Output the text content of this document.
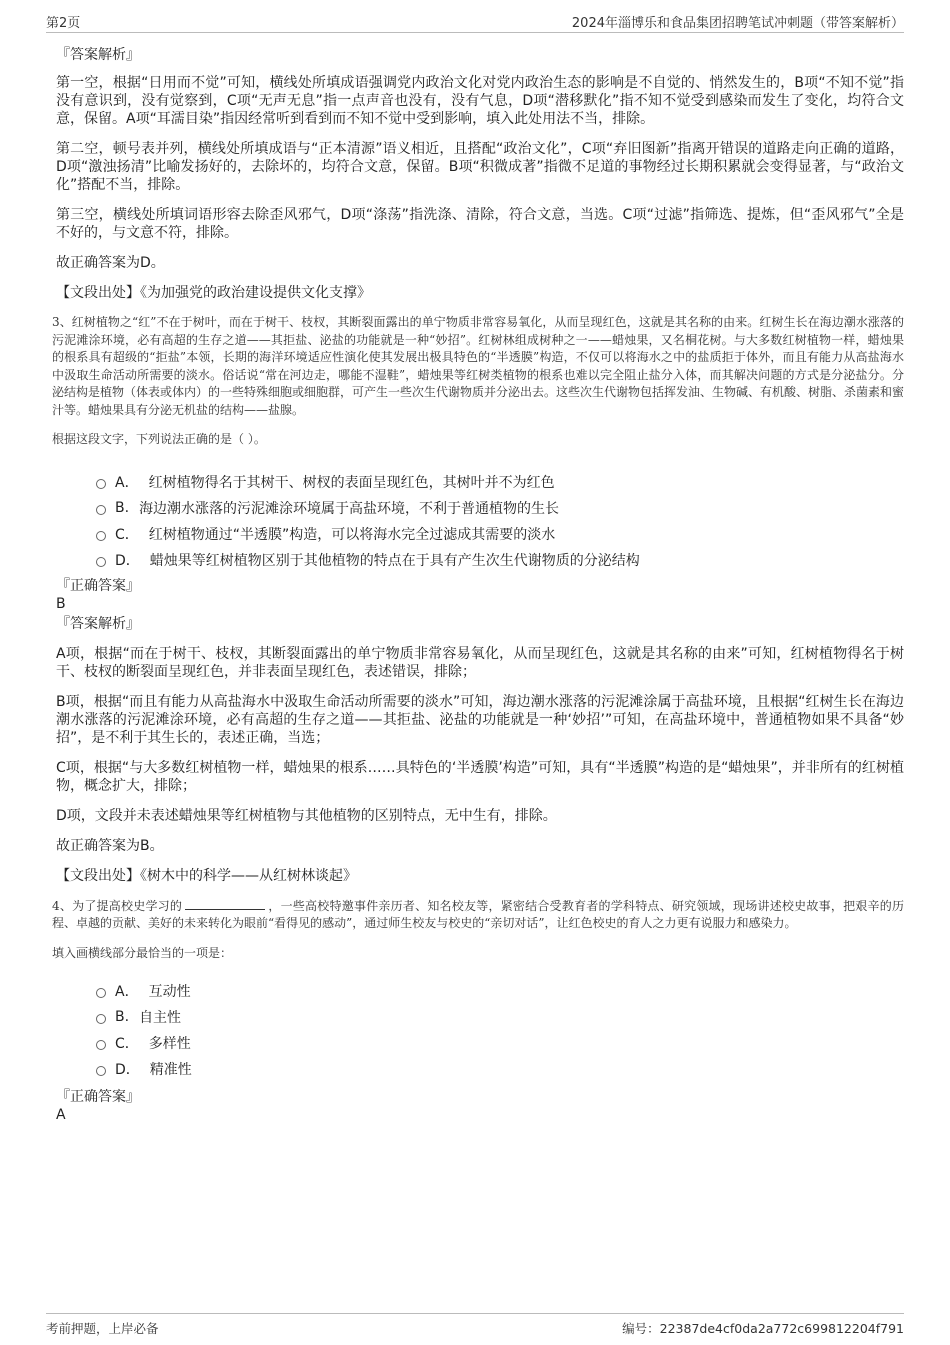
第2页	2024年淄博乐和食品集团招聘笔试冲刺题（带答案解析）
『答案解析』

第一空，根据“日用而不觉”可知，横线处所填成语强调党内政治文化对党内政治生态的影响是不自觉的、悄然发生的，B项“不知不觉”指没有意识到，没有觉察到，C项“无声无息”指一点声音也没有，没有气息，D项“潜移默化”指不知不觉受到感染而发生了变化，均符合文意，保留。A项“耳濡目染”指因经常听到看到而不知不觉中受到影响，填入此处用法不当，排除。

第二空，顿号表并列，横线处所填成语与“正本清源”语义相近，且搭配“政治文化”，C项“弃旧图新”指离开错误的道路走向正确的道路，D项“激浊扬清”比喻发扬好的，去除坏的，均符合文意，保留。B项“积微成著”指微不足道的事物经过长期积累就会变得显著，与“政治文化”搭配不当，排除。

第三空，横线处所填词语形容去除歪风邪气，D项“涤荡”指洗涤、清除，符合文意，当选。C项“过滤”指筛选、提炼，但“歪风邪气”全是不好的，与文意不符，排除。

故正确答案为D。

【文段出处】《为加强党的政治建设提供文化支撑》

3、红树植物之“红”不在于树叶，而在于树干、枝杈，其断裂面露出的单宁物质非常容易氧化，从而呈现红色，这就是其名称的由来。红树生长在海边潮水涨落的污泥滩涂环境，必有高超的生存之道——其拒盐、泌盐的功能就是一种“妙招”。红树林组成树种之一——蜡烛果，又名桐花树。与大多数红树植物一样，蜡烛果的根系具有超级的“拒盐”本领，长期的海洋环境适应性演化使其发展出极具特色的“半透膜”构造，不仅可以将海水之中的盐质拒于体外，而且有能力从高盐海水中汲取生命活动所需要的淡水。俗话说“常在河边走，哪能不湿鞋”，蜡烛果等红树类植物的根系也难以完全阻止盐分入体，而其解决问题的方式是分泌盐分。分泌结构是植物（体表或体内）的一些特殊细胞或细胞群，可产生一些次生代谢物质并分泌出去。这些次生代谢物包括挥发油、生物碱、有机酸、树脂、杀菌素和蜜汁等。蜡烛果具有分泌无机盐的结构——盐腺。

根据这段文字，下列说法正确的是（ ）。

A． 红树植物得名于其树干、树杈的表面呈现红色，其树叶并不为红色
B. 海边潮水涨落的污泥滩涂环境属于高盐环境，不利于普通植物的生长
C． 红树植物通过“半透膜”构造，可以将海水完全过滤成其需要的淡水
D． 蜡烛果等红树植物区别于其他植物的特点在于具有产生次生代谢物质的分泌结构
『正确答案』
B
『答案解析』

A项，根据“而在于树干、枝杈，其断裂面露出的单宁物质非常容易氧化，从而呈现红色，这就是其名称的由来”可知，红树植物得名于树干、枝杈的断裂面呈现红色，并非表面呈现红色，表述错误，排除；

B项，根据“而且有能力从高盐海水中汲取生命活动所需要的淡水”可知，海边潮水涨落的污泥滩涂属于高盐环境，且根据“红树生长在海边潮水涨落的污泥滩涂环境，必有高超的生存之道——其拒盐、泌盐的功能就是一种‘妙招’”可知，在高盐环境中，普通植物如果不具备“妙招”，是不利于其生长的，表述正确，当选；

C项，根据“与大多数红树植物一样，蜡烛果的根系……具特色的‘半透膜’构造”可知，具有“半透膜”构造的是“蜡烛果”，并非所有的红树植物，概念扩大，排除；

D项，文段并未表述蜡烛果等红树植物与其他植物的区别特点，无中生有，排除。

故正确答案为B。

【文段出处】《树木中的科学——从红树林谈起》

4、为了提高校史学习的	，一些高校特邀事件亲历者、知名校友等，紧密结合受教育者的学科特点、研究领域，现场讲述校史故事，把艰辛的历程、卓越的贡献、美好的未来转化为眼前“看得见的感动”，通过师生校友与校史的“亲切对话”，让红色校史的育人之力更有说服力和感染力。

填入画横线部分最恰当的一项是：

A． 互动性
B. 自主性
C． 多样性
D． 精准性
『正确答案』
A
考前押题，上岸必备	编号：22387de4cf0da2a772c699812204f791
